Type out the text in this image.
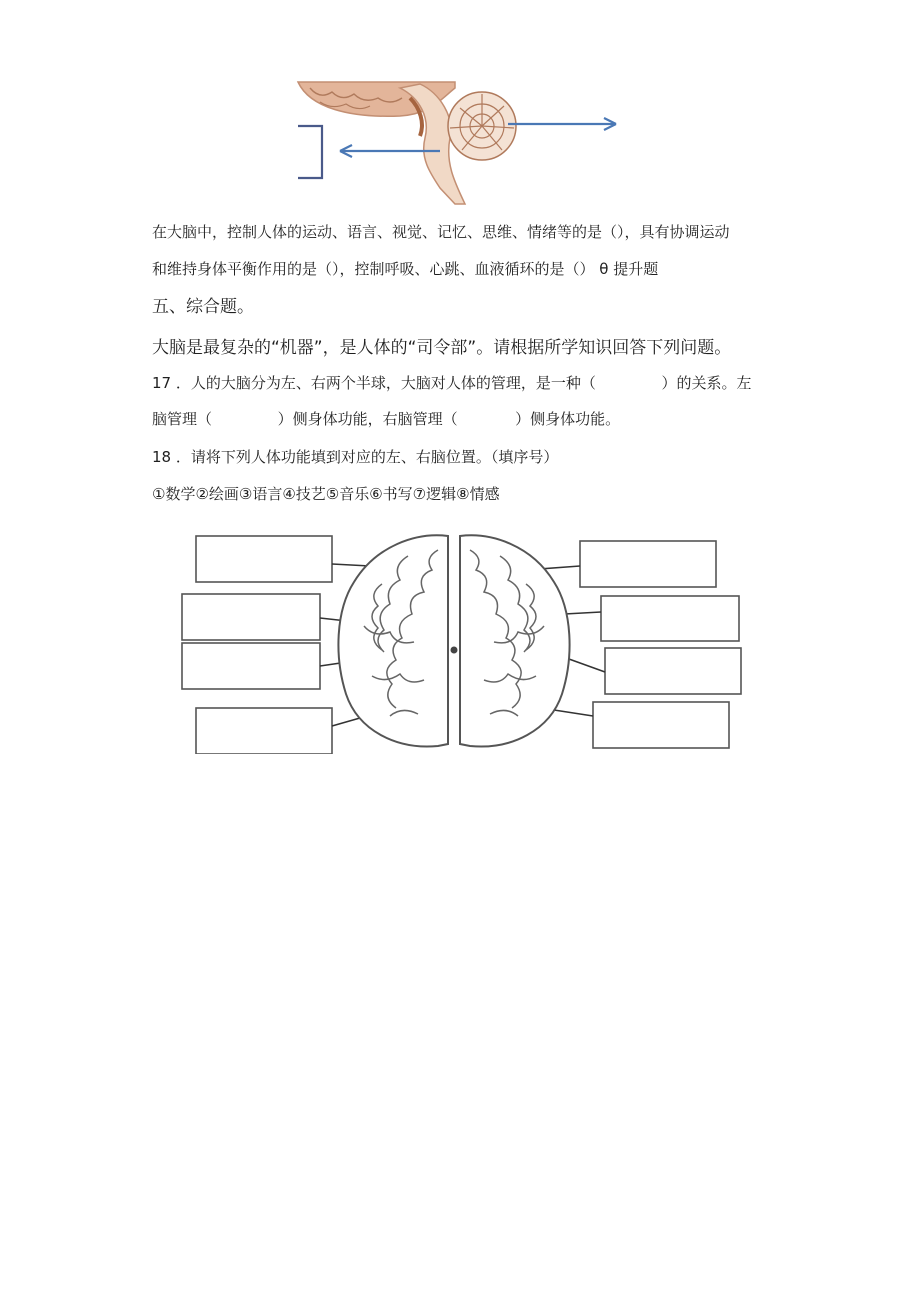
在大脑中，控制人体的运动、语言、视觉、记忆、思维、情绪等的是（），具有协调运动
和维持身体平衡作用的是（），控制呼吸、心跳、血液循环的是（） θ 提升题
五、综合题。
大脑是最复杂的“机器”，是人体的“司令部”。请根据所学知识回答下列问题。
17 ．人的大脑分为左、右两个半球，大脑对人体的管理，是一种（	）的关系。左
脑管理（	）侧身体功能，右脑管理（	）侧身体功能。
18 ．请将下列人体功能填到对应的左、右脑位置。（填序号）
①数学②绘画③语言④技艺⑤音乐⑥书写⑦逻辑⑧情感
